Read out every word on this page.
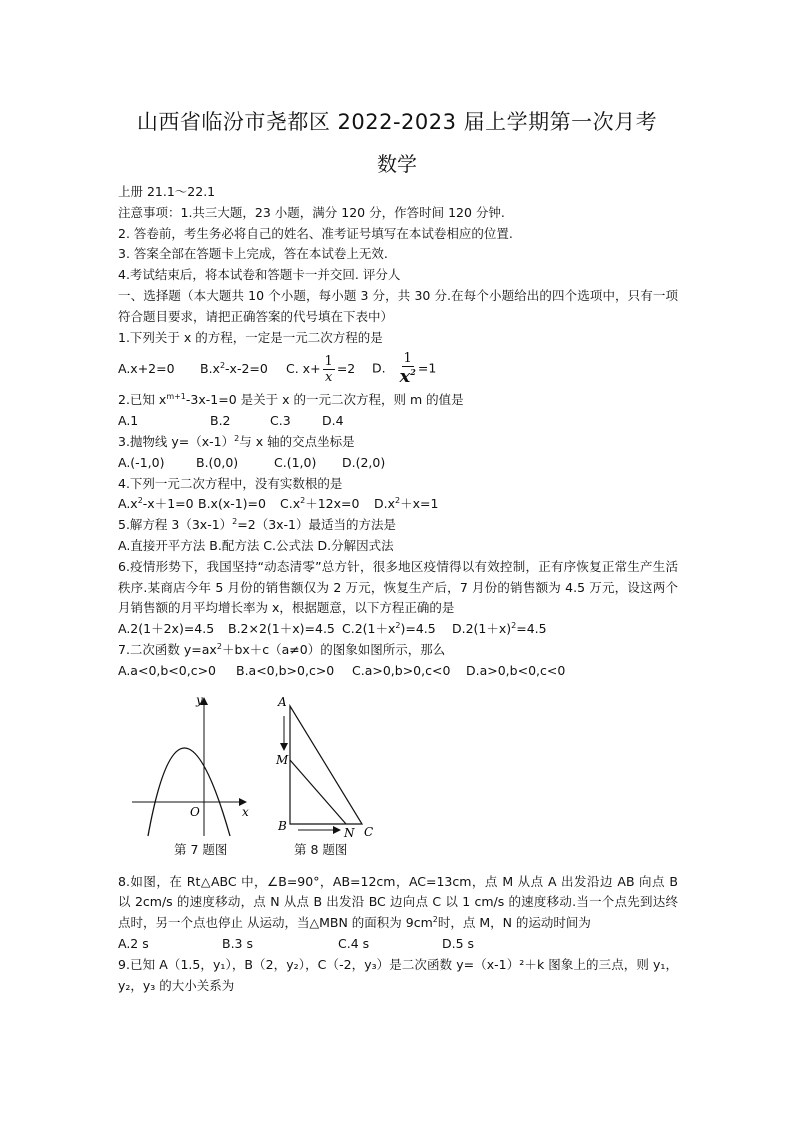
山西省临汾市尧都区 2022-2023 届上学期第一次月考
数学
上册 21.1～22.1
注意事项：1.共三大题，23 小题，满分 120 分，作答时间 120 分钟.
2. 答卷前，考生务必将自己的姓名、准考证号填写在本试卷相应的位置.
3. 答案全部在答题卡上完成，答在本试卷上无效.
4.考试结束后，将本试卷和答题卡一并交回. 评分人
一、选择题（本大题共 10 个小题，每小题 3 分，共 30 分.在每个小题给出的四个选项中，只有一项符合题目要求，请把正确答案的代号填在下表中）
1.下列关于 x 的方程，一定是一元二次方程的是
A.x+2=0	$B.x^2-x-2=0$	C. $x+ \frac{1}{x} =2$	D. $\frac{1}{x^2} =1$
2.已知 $x^{m+1}-3x-1=0$ 是关于 x 的一元二次方程，则 m 的值是
A.1	B.2	C.3	D.4
3.抛物线 $y=(x-1)^2$与 x 轴的交点坐标是
A.(-1,0)	B.(0,0)	C.(1,0)	D.(2,0)
4.下列一元二次方程中，没有实数根的是
$A.x^2-x+1=0$ B.x(x-1)=0	$C.x^2+12x=0$	$D.x^2+x=1$
5.解方程 $3(3x-1)^2=2(3x-1)$最适当的方法是
A.直接开平方法 B.配方法 C.公式法 D.分解因式法
6.疫情形势下，我国坚持“动态清零”总方针，很多地区疫情得以有效控制，正有序恢复正常生产生活秩序.某商店今年 5 月份的销售额仅为 2 万元，恢复生产后，7 月份的销售额为 4.5 万元，设这两个月销售额的月平均增长率为 x，根据题意，以下方程正确的是
A.2(1＋2x)=4.5	B.2×2(1＋x)=4.5 $C.2(1+x^2)=4.5$	$D.2(1+x)^2=4.5$
7.二次函数 $y=ax^2+bx+c(a\ne 0)$的图象如图所示，那么
A.a<0,b<0,c>0	B.a<0,b>0,c>0	C.a>0,b>0,c<0	D.a>0,b<0,c<0
y
x
O
A
M
B	N C
第 7 题图	第 8 题图
8.如图，在 Rt△ABC 中，∠B=90°，AB=12cm，AC=13cm，点 M 从点 A 出发沿边 AB 向点 B 以 2cm/s 的速度移动，点 N 从点 B 出发沿 BC 边向点 C 以 1 cm/s 的速度移动.当一个点先到达终点时，另一个点也停止 从运动，当△MBN 的面积为 $9cm^2$时，点 M，N 的运动时间为
A.2 s	B.3 s	C.4 s	D.5 s
9.已知 A（1.5，y₁），B（2，y₂），C（-2，y₃）是二次函数 y=（x-1）²＋k 图象上的三点，则 y₁，y₂，y₃ 的大小关系为
